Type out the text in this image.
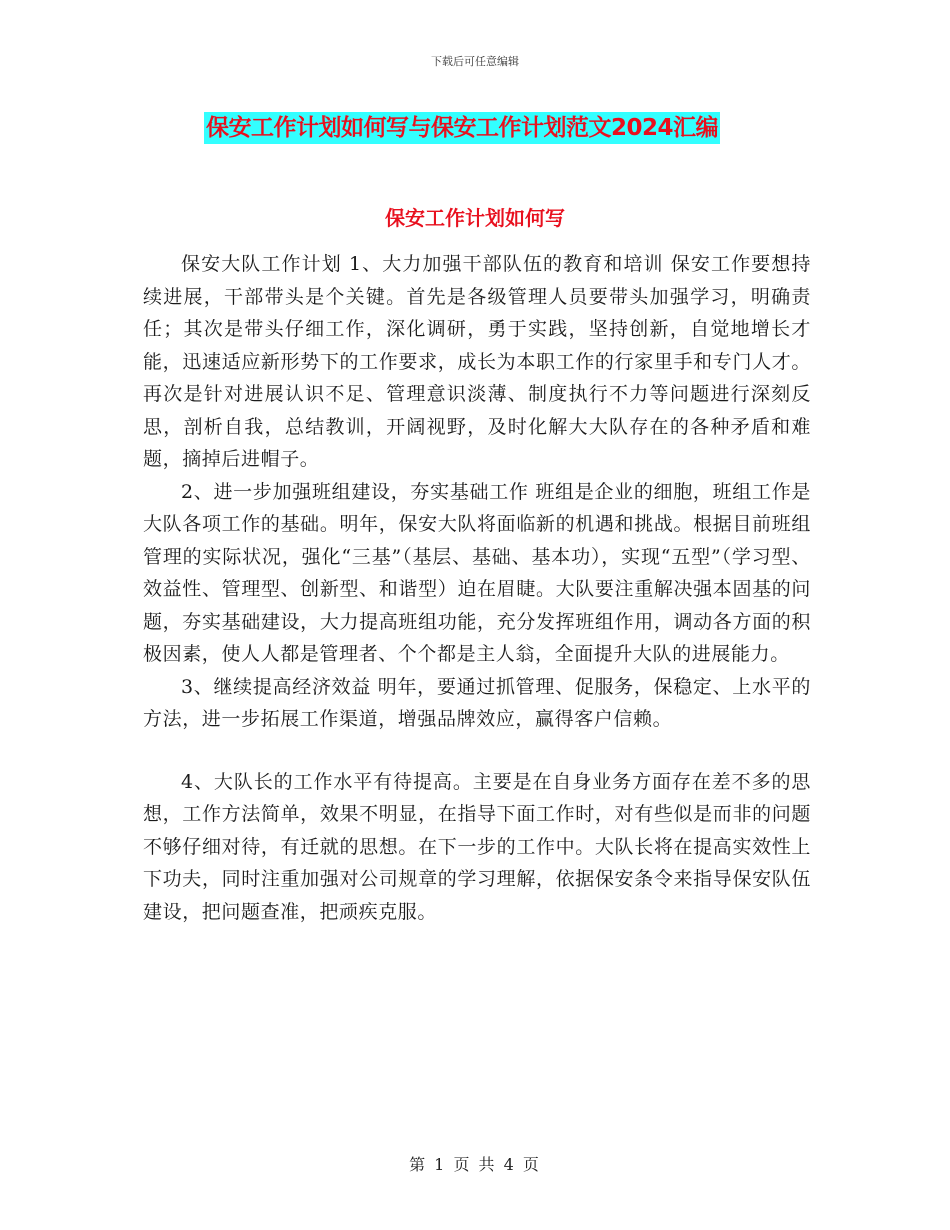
下载后可任意编辑
保安工作计划如何写与保安工作计划范文2024汇编
保安工作计划如何写

保安大队工作计划 1、大力加强干部队伍的教育和培训 保安工作要想持续进展，干部带头是个关键。首先是各级管理人员要带头加强学习，明确责任；其次是带头仔细工作，深化调研，勇于实践，坚持创新，自觉地增长才能，迅速适应新形势下的工作要求，成长为本职工作的行家里手和专门人才。再次是针对进展认识不足、管理意识淡薄、制度执行不力等问题进行深刻反思，剖析自我，总结教训，开阔视野，及时化解大大队存在的各种矛盾和难题，摘掉后进帽子。

2、进一步加强班组建设，夯实基础工作 班组是企业的细胞，班组工作是大队各项工作的基础。明年，保安大队将面临新的机遇和挑战。根据目前班组管理的实际状况，强化“三基”（基层、基础、基本功），实现“五型”（学习型、效益性、管理型、创新型、和谐型）迫在眉睫。大队要注重解决强本固基的问题，夯实基础建设，大力提高班组功能，充分发挥班组作用，调动各方面的积极因素，使人人都是管理者、个个都是主人翁，全面提升大队的进展能力。

3、继续提高经济效益 明年，要通过抓管理、促服务，保稳定、上水平的方法，进一步拓展工作渠道，增强品牌效应，赢得客户信赖。

4、大队长的工作水平有待提高。主要是在自身业务方面存在差不多的思想，工作方法简单，效果不明显，在指导下面工作时，对有些似是而非的问题不够仔细对待，有迁就的思想。在下一步的工作中。大队长将在提高实效性上下功夫，同时注重加强对公司规章的学习理解，依据保安条令来指导保安队伍建设，把问题查准，把顽疾克服。

第 1 页 共 4 页
